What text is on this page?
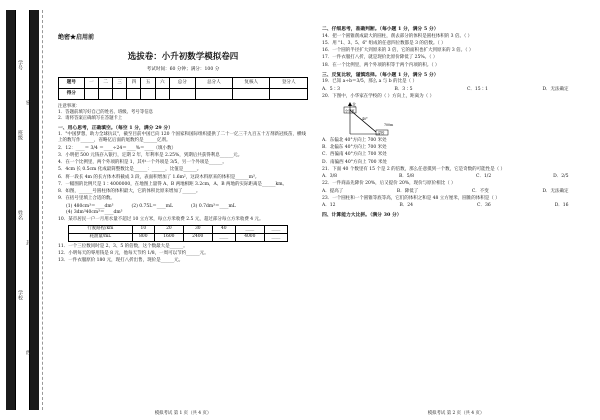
学号
班级
姓名
学校
密
封
线
绝密★启用前
选拔卷：小升初数学模拟卷四
考试时间：60 分钟；满分：100 分
题号	一	二	三	四	五	六	总分	总分人	复核人	登分人
得分										
注意事项：
1．答题前填写好自己的姓名、班级、考号等信息
2．请将答案正确填写在答题卡上
一、用心思考，正确填空。（每空 1 分，满分 29 分）
1．"中国梦想，助力全球抗议"，截至目前中国已向 120 个国家和国际组织提供了二十一亿三千九百五十万剂新冠疫苗，横线上的数写作______，省略亿后面的尾数约是______亿剂。
2．12：____＝ 3/4 ＝____÷24＝____%＝____（填小数）
3．小明把 500 元钱存入银行，定期 2 年，年利率是 2.25%，到期后共获得利息______元。
4．在一个比例里，两个外项的积是 1，其中一个外项是 3/5，另一个外项是______。
5．4cm 长 0.5cm 化成最简整数比是______：______，比值是______。
6．将一段长 4m 的长方体木料截成 3 段，表面积增加了 1.6m²，这段木料原来的体积是______m³。
7．一幅图的比例尺是 1∶4000000，在地图上量得 A、B 两地相距 3.2cm，A、B 两地的实际距离是______km。
8．如图，______号圆柱体的体积最大，它的体积比原来增加了______。
9．在括号里填上合适的数。
(1) 480cm³＝____dm³	(2) 0.75L＝____mL	(3) 0.7dm³＝____mL
(4) 3dm³40cm³＝____dm³
10．某市居民一户一月用水量不超过 10 立方米，每立方米收费 2.5 元，超过部分每立方米收费 4 元。
行驶路程/km	10	20	30	40	____	____
耗油量/mL	800	1600	2400	____	4000	____
11．一个三位数同时是 2、3、5 的倍数，这个数最大是______。
12．小明每天的零用钱是 8 元，他每天节约 1/8，一周可以节约______元。
13．一件衣服原价 180 元，现打八折出售，现价是______元。
模拟考试 第 1 页（共 4 页）
二、仔细思考，准确判断。（每小题 1 分，满分 5 分）
14．把一个圆锥削成最大的圆柱，削去部分的体积是圆柱体积的 3 倍。（ ）
15．用 "1、3、5、6" 组成的任意四位数都是 3 的倍数。（ ）
16．一个圆的半径扩大到原来的 3 倍，它的面积也扩大到原来的 3 倍。（ ）
17．一件衣服打八折，就是现价比原价降低了 25%。（ ）
18．在一个比例里，两个外项的积等于两个内项的积。（ ）
三、反复比较，谨慎选择。（每小题 1 分，满分 5 分）
19．已知 a÷b＝3/5，那么 a 与 b 的比是（ ）
A．5∶3	B．3∶5	C．15∶1	D．无法确定
20．下图中，小华家在学校的（ ）方向上，距离为（ ）
北
小华家
40°
学校
700m
A．东偏北 40°方向上 700 米处
B．北偏东 40°方向上 700 米处
C．西偏南 40°方向上 700 米处
D．南偏西 40°方向上 700 米处
21．下面 40 个数里有 15 个是 2 的倍数，那么任意摸到一个数，它是奇数的可能性是（ ）
A．3/8	B．5/8	C．1/2	D．2/5
22．一件商品先降价 20%，后又提价 20%，现价与原价相比（ ）
A．提高了	B．降低了	C．不变	D．无法确定
23．一个圆柱和一个圆锥等底等高，它们的体积之和是 48 立方厘米，圆锥的体积是（ ）
A．12	B．24	C．36	D．16
四、计算能力大比拼。（满分 30 分）
模拟考试 第 2 页（共 4 页）
